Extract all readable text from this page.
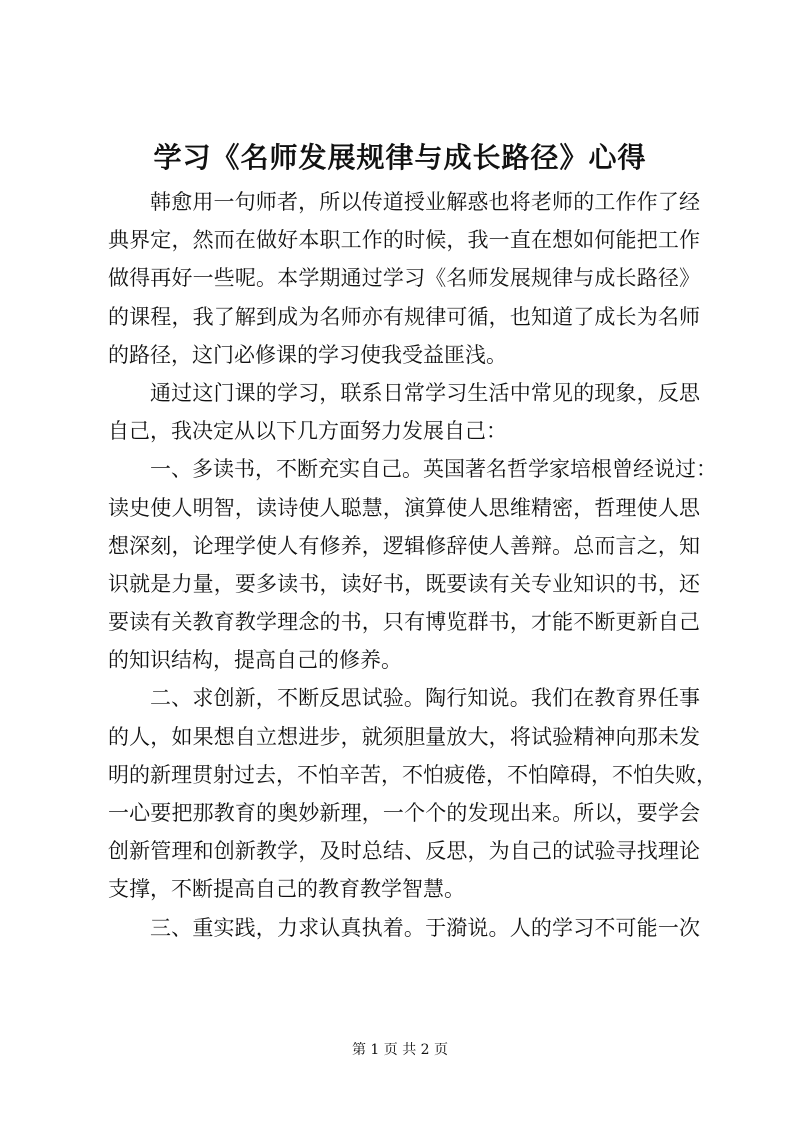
学习《名师发展规律与成长路径》心得
韩愈用一句师者，所以传道授业解惑也将老师的工作作了经
典界定，然而在做好本职工作的时候，我一直在想如何能把工作
做得再好一些呢。本学期通过学习《名师发展规律与成长路径》
的课程，我了解到成为名师亦有规律可循，也知道了成长为名师
的路径，这门必修课的学习使我受益匪浅。
通过这门课的学习，联系日常学习生活中常见的现象，反思
自己，我决定从以下几方面努力发展自己：
一、多读书，不断充实自己。英国著名哲学家培根曾经说过：
读史使人明智，读诗使人聪慧，演算使人思维精密，哲理使人思
想深刻，论理学使人有修养，逻辑修辞使人善辩。总而言之，知
识就是力量，要多读书，读好书，既要读有关专业知识的书，还
要读有关教育教学理念的书，只有博览群书，才能不断更新自己
的知识结构，提高自己的修养。
二、求创新，不断反思试验。陶行知说。我们在教育界任事
的人，如果想自立想进步，就须胆量放大，将试验精神向那未发
明的新理贯射过去，不怕辛苦，不怕疲倦，不怕障碍，不怕失败，
一心要把那教育的奥妙新理，一个个的发现出来。所以，要学会
创新管理和创新教学，及时总结、反思，为自己的试验寻找理论
支撑，不断提高自己的教育教学智慧。
三、重实践，力求认真执着。于漪说。人的学习不可能一次
第 1 页 共 2 页
